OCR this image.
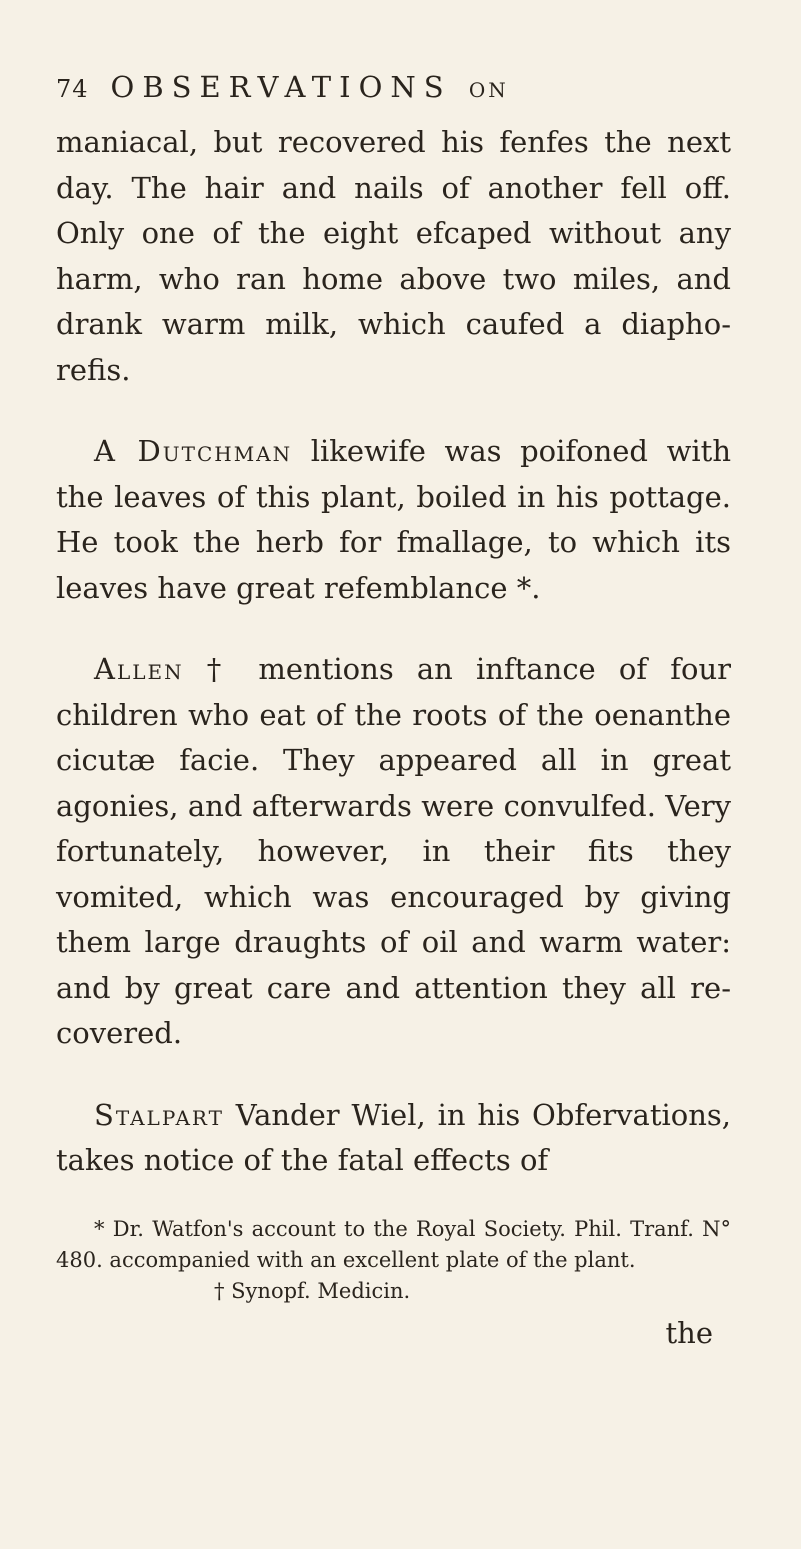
74 OBSERVATIONS ON

maniacal, but recovered his fenfes the next day. The hair and nails of another fell off. Only one of the eight efcaped without any harm, who ran home above two miles, and drank warm milk, which caufed a diaphorefis.

A Dutchman likewife was poifoned with the leaves of this plant, boiled in his pottage. He took the herb for fmallage, to which its leaves have great refemblance *.

Allen † mentions an inftance of four children who eat of the roots of the oenanthe cicutæ facie. They appeared all in great agonies, and afterwards were convulfed. Very fortunately, however, in their fits they vomited, which was encouraged by giving them large draughts of oil and warm water: and by great care and attention they all recovered.

Stalpart Vander Wiel, in his Obfervations, takes notice of the fatal effects of

* Dr. Watfon's account to the Royal Society. Phil. Tranf. N° 480. accompanied with an excellent plate of the plant.

† Synopf. Medicin.

the
